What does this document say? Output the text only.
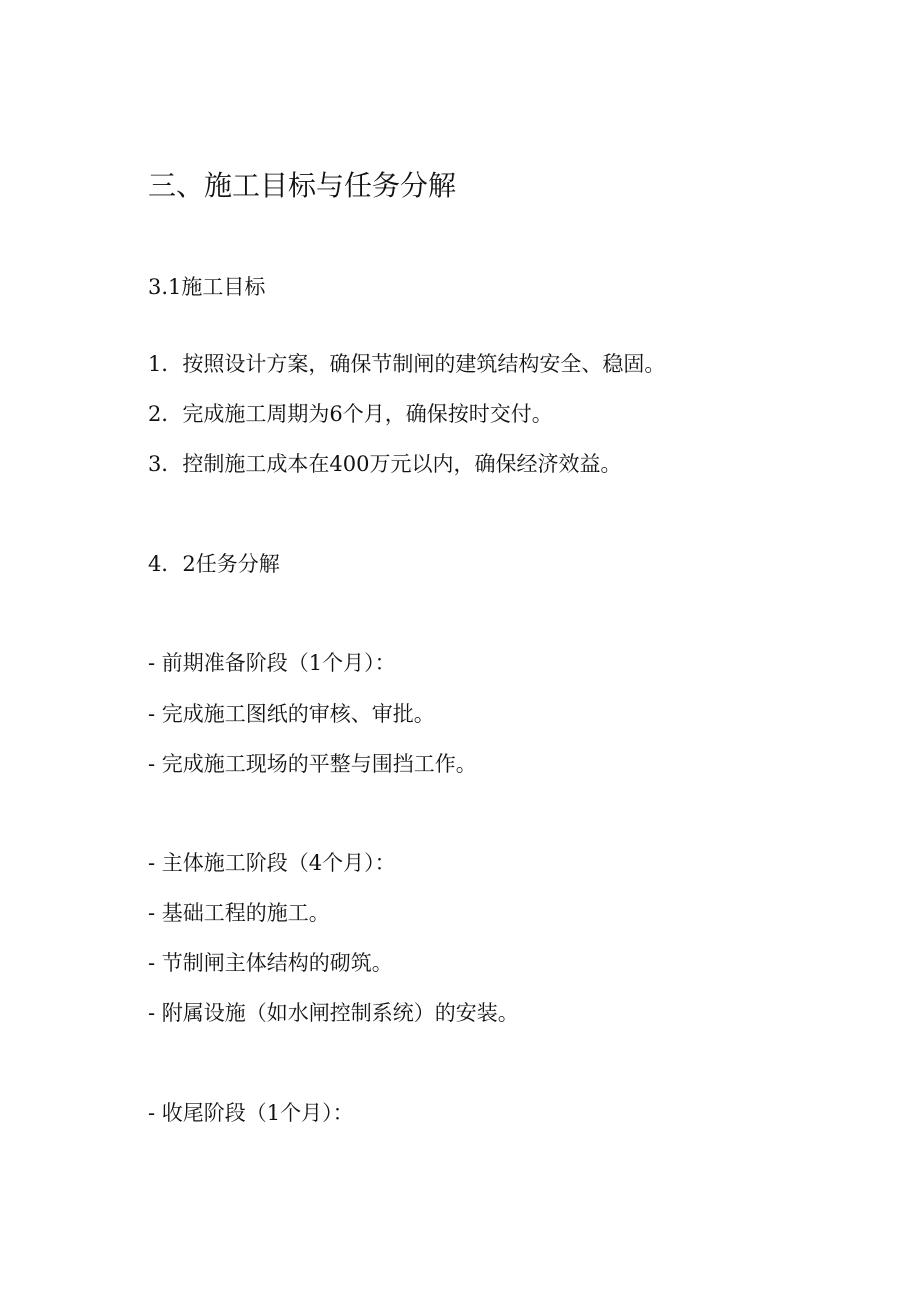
三、施工目标与任务分解
3.1施工目标
1．按照设计方案，确保节制闸的建筑结构安全、稳固。
2．完成施工周期为6个月，确保按时交付。
3．控制施工成本在400万元以内，确保经济效益。
4．2任务分解
- 前期准备阶段（1个月）：
- 完成施工图纸的审核、审批。
- 完成施工现场的平整与围挡工作。
- 主体施工阶段（4个月）：
- 基础工程的施工。
- 节制闸主体结构的砌筑。
- 附属设施（如水闸控制系统）的安装。
- 收尾阶段（1个月）：
